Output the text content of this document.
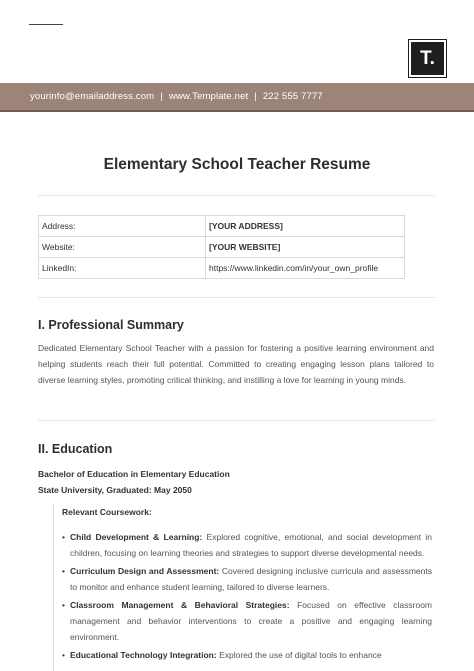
T.
yourinfo@emailaddress.com | www.Template.net | 222 555 7777
Elementary School Teacher Resume
Address:	[YOUR ADDRESS]
Website:	[YOUR WEBSITE]
LinkedIn:	https://www.linkedin.com/in/your_own_profile
I. Professional Summary
Dedicated Elementary School Teacher with a passion for fostering a positive learning environment and helping students reach their full potential. Committed to creating engaging lesson plans tailored to diverse learning styles, promoting critical thinking, and instilling a love for learning in young minds.
II. Education
Bachelor of Education in Elementary Education
State University, Graduated: May 2050
Relevant Coursework:
• Child Development & Learning: Explored cognitive, emotional, and social development in children, focusing on learning theories and strategies to support diverse developmental needs.
• Curriculum Design and Assessment: Covered designing inclusive curricula and assessments to monitor and enhance student learning, tailored to diverse learners.
• Classroom Management & Behavioral Strategies: Focused on effective classroom management and behavior interventions to create a positive and engaging learning environment.
• Educational Technology Integration: Explored the use of digital tools to enhance
